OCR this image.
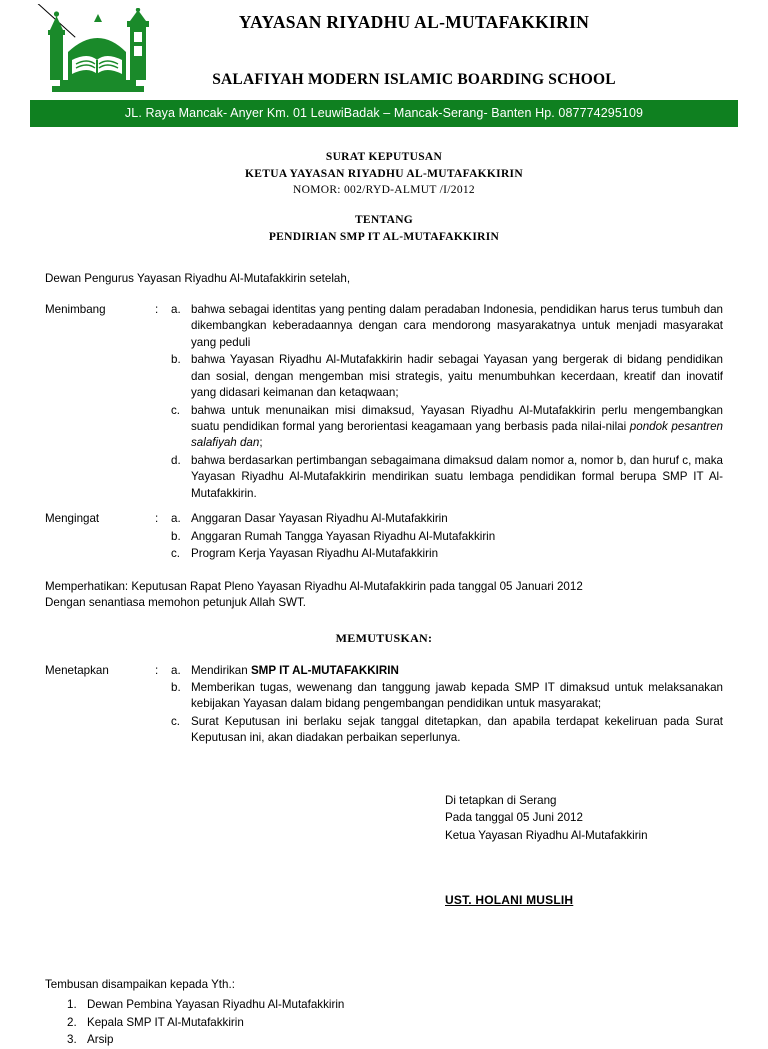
YAYASAN RIYADHU AL-MUTAFAKKIRIN
SALAFIYAH MODERN ISLAMIC BOARDING SCHOOL
JL. Raya Mancak- Anyer Km. 01 LeuwiBadak – Mancak-Serang- Banten Hp. 087774295109
SURAT KEPUTUSAN
KETUA YAYASAN RIYADHU AL-MUTAFAKKIRIN
NOMOR: 002/RYD-ALMUT /I/2012
TENTANG
PENDIRIAN SMP IT AL-MUTAFAKKIRIN
Dewan Pengurus Yayasan Riyadhu Al-Mutafakkirin setelah,
Menimbang	:	a. bahwa sebagai identitas yang penting dalam peradaban Indonesia, pendidikan harus terus tumbuh dan dikembangkan keberadaannya dengan cara mendorong masyarakatnya untuk menjadi masyarakat yang peduli
b. bahwa Yayasan Riyadhu Al-Mutafakkirin hadir sebagai Yayasan yang bergerak di bidang pendidikan dan sosial, dengan mengemban misi strategis, yaitu menumbuhkan kecerdaan, kreatif dan inovatif yang didasari keimanan dan ketaqwaan;
c. bahwa untuk menunaikan misi dimaksud, Yayasan Riyadhu Al-Mutafakkirin perlu mengembangkan suatu pendidikan formal yang berorientasi keagamaan yang berbasis pada nilai-nilai pondok pesantren salafiyah dan;
d. bahwa berdasarkan pertimbangan sebagaimana dimaksud dalam nomor a, nomor b, dan huruf c, maka Yayasan Riyadhu Al-Mutafakkirin mendirikan suatu lembaga pendidikan formal berupa SMP IT Al-Mutafakkirin.
Mengingat	:	a. Anggaran Dasar Yayasan Riyadhu Al-Mutafakkirin
b. Anggaran Rumah Tangga Yayasan Riyadhu Al-Mutafakkirin
c. Program Kerja Yayasan Riyadhu Al-Mutafakkirin
Memperhatikan: Keputusan Rapat Pleno Yayasan Riyadhu Al-Mutafakkirin pada tanggal 05 Januari 2012
Dengan senantiasa memohon petunjuk Allah SWT.
MEMUTUSKAN:
Menetapkan	:	a. Mendirikan SMP IT AL-MUTAFAKKIRIN
b. Memberikan tugas, wewenang dan tanggung jawab kepada SMP IT dimaksud untuk melaksanakan kebijakan Yayasan dalam bidang pengembangan pendidikan untuk masyarakat;
c. Surat Keputusan ini berlaku sejak tanggal ditetapkan, dan apabila terdapat kekeliruan pada Surat Keputusan ini, akan diadakan perbaikan seperlunya.
Di tetapkan di Serang
Pada tanggal 05 Juni 2012
Ketua Yayasan Riyadhu Al-Mutafakkirin
UST. HOLANI MUSLIH
Tembusan disampaikan kepada Yth.:
1. Dewan Pembina Yayasan Riyadhu Al-Mutafakkirin
2. Kepala SMP IT Al-Mutafakkirin
3. Arsip
